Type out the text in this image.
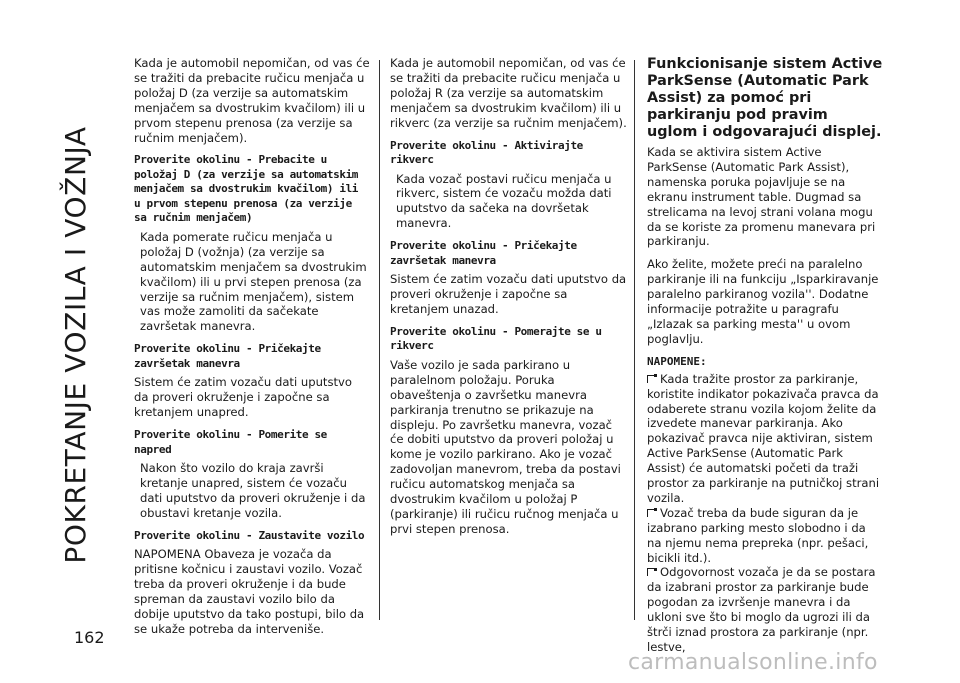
POKRETANJE VOZILA I VOŽNJA
162

Kada je automobil nepomičan, od vas će se tražiti da prebacite ručicu menjača u položaj D (za verzije sa automatskim menjačem sa dvostrukim kvačilom) ili u prvom stepenu prenosa (za verzije sa ručnim menjačem).

Proverite okolinu - Prebacite u položaj D (za verzije sa automatskim menjačem sa dvostrukim kvačilom) ili u prvom stepenu prenosa (za verzije sa ručnim menjačem)

Kada pomerate ručicu menjača u položaj D (vožnja) (za verzije sa automatskim menjačem sa dvostrukim kvačilom) ili u prvi stepen prenosa (za verzije sa ručnim menjačem), sistem vas može zamoliti da sačekate završetak manevra.

Proverite okolinu - Pričekajte završetak manevra

Sistem će zatim vozaču dati uputstvo da proveri okruženje i započne sa kretanjem unapred.

Proverite okolinu - Pomerite se napred

Nakon što vozilo do kraja završi kretanje unapred, sistem će vozaču dati uputstvo da proveri okruženje i da obustavi kretanje vozila.

Proverite okolinu - Zaustavite vozilo

NAPOMENA Obaveza je vozača da pritisne kočnicu i zaustavi vozilo. Vozač treba da proveri okruženje i da bude spreman da zaustavi vozilo bilo da dobije uputstvo da tako postupi, bilo da se ukaže potreba da interveniše.

Kada je automobil nepomičan, od vas će se tražiti da prebacite ručicu menjača u položaj R (za verzije sa automatskim menjačem sa dvostrukim kvačilom) ili u rikverc (za verzije sa ručnim menjačem).

Proverite okolinu - Aktivirajte rikverc

Kada vozač postavi ručicu menjača u rikverc, sistem će vozaču možda dati uputstvo da sačeka na dovršetak manevra.

Proverite okolinu - Pričekajte završetak manevra

Sistem će zatim vozaču dati uputstvo da proveri okruženje i započne sa kretanjem unazad.

Proverite okolinu - Pomerajte se u rikverc

Vaše vozilo je sada parkirano u paralelnom položaju. Poruka obaveštenja o završetku manevra parkiranja trenutno se prikazuje na displeju. Po završetku manevra, vozač će dobiti uputstvo da proveri položaj u kome je vozilo parkirano. Ako je vozač zadovoljan manevrom, treba da postavi ručicu automatskog menjača sa dvostrukim kvačilom u položaj P (parkiranje) ili ručicu ručnog menjača u prvi stepen prenosa.

Funkcionisanje sistem Active ParkSense (Automatic Park Assist) za pomoć pri parkiranju pod pravim uglom i odgovarajući displej.

Kada se aktivira sistem Active ParkSense (Automatic Park Assist), namenska poruka pojavljuje se na ekranu instrument table. Dugmad sa strelicama na levoj strani volana mogu da se koriste za promenu manevara pri parkiranju.

Ako želite, možete preći na paralelno parkiranje ili na funkciju „Isparkiravanje paralelno parkiranog vozila''. Dodatne informacije potražite u paragrafu „Izlazak sa parking mesta'' u ovom poglavlju.

NAPOMENE:

Kada tražite prostor za parkiranje, koristite indikator pokazivača pravca da odaberete stranu vozila kojom želite da izvedete manevar parkiranja. Ako pokazivač pravca nije aktiviran, sistem Active ParkSense (Automatic Park Assist) će automatski početi da traži prostor za parkiranje na putničkoj strani vozila.

Vozač treba da bude siguran da je izabrano parking mesto slobodno i da na njemu nema prepreka (npr. pešaci, bicikli itd.).

Odgovornost vozača je da se postara da izabrani prostor za parkiranje bude pogodan za izvršenje manevra i da ukloni sve što bi moglo da ugrozi ili da štrči iznad prostora za parkiranje (npr. lestve,

carmanualsonline.info
